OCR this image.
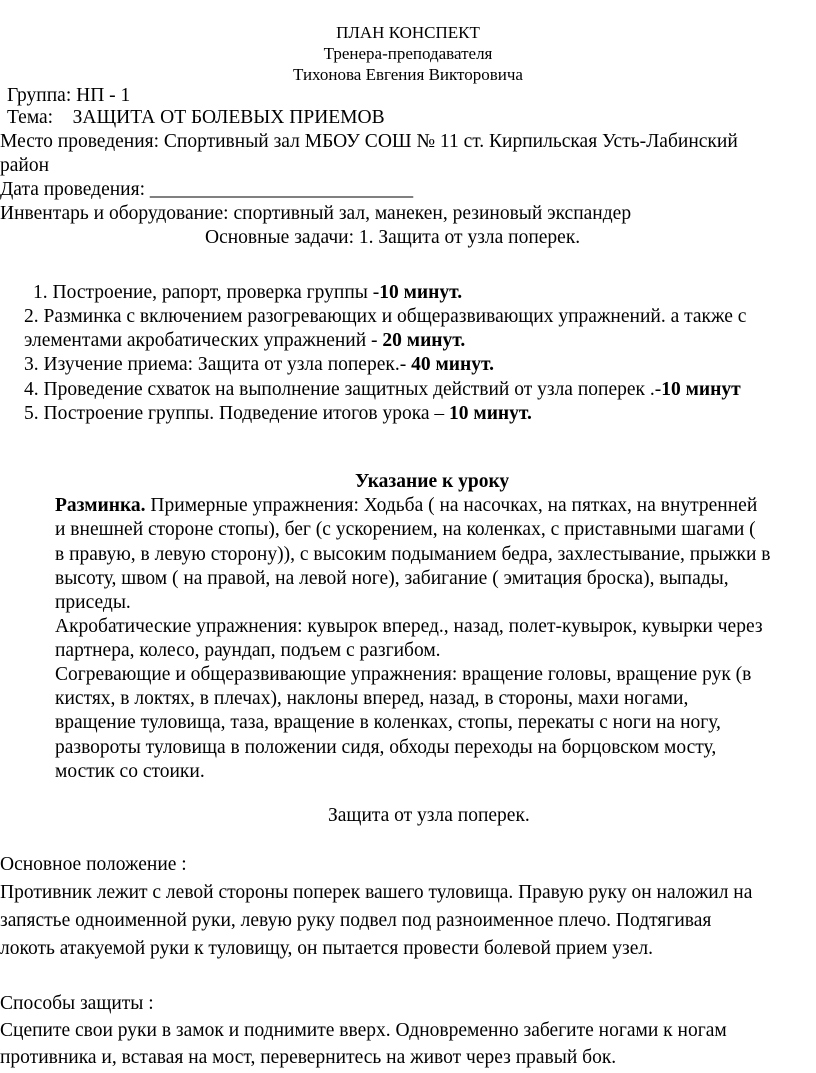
ПЛАН КОНСПЕКТ
Тренера-преподавателя
Тихонова Евгения Викторовича
Группа: НП - 1
Тема: ЗАЩИТА ОТ БОЛЕВЫХ ПРИЕМОВ
Место проведения: Спортивный зал МБОУ СОШ № 11 ст. Кирпильская Усть-Лабинский
район
Дата проведения: ___________________________
Инвентарь и оборудование: спортивный зал, манекен, резиновый экспандер
Основные задачи: 1. Защита от узла поперек.
1. Построение, рапорт, проверка группы -10 минут.
2. Разминка с включением разогревающих и общеразвивающих упражнений. а также с
элементами акробатических упражнений - 20 минут.
3. Изучение приема: Защита от узла поперек.- 40 минут.
4. Проведение схваток на выполнение защитных действий от узла поперек .-10 минут
5. Построение группы. Подведение итогов урока – 10 минут.
Указание к уроку
Разминка. Примерные упражнения: Ходьба ( на насочках, на пятках, на внутренней
и внешней стороне стопы), бег (с ускорением, на коленках, с приставными шагами (
в правую, в левую сторону)), с высоким подыманием бедра, захлестывание, прыжки в
высоту, швом ( на правой, на левой ноге), забигание ( эмитация броска), выпады,
приседы.
Акробатические упражнения: кувырок вперед., назад, полет-кувырок, кувырки через
партнера, колесо, раундап, подъем с разгибом.
Согревающие и общеразвивающие упражнения: вращение головы, вращение рук (в
кистях, в локтях, в плечах), наклоны вперед, назад, в стороны, махи ногами,
вращение туловища, таза, вращение в коленках, стопы, перекаты с ноги на ногу,
развороты туловища в положении сидя, обходы переходы на борцовском мосту,
мостик со стоики.
Защита от узла поперек.
Основное положение :
Противник лежит с левой стороны поперек вашего туловища. Правую руку он наложил на
запястье одноименной руки, левую руку подвел под разноименное плечо. Подтягивая
локоть атакуемой руки к туловищу, он пытается провести болевой прием узел.
Способы защиты :
Сцепите свои руки в замок и поднимите вверх. Одновременно забегите ногами к ногам
противника и, вставая на мост, перевернитесь на живот через правый бок.
